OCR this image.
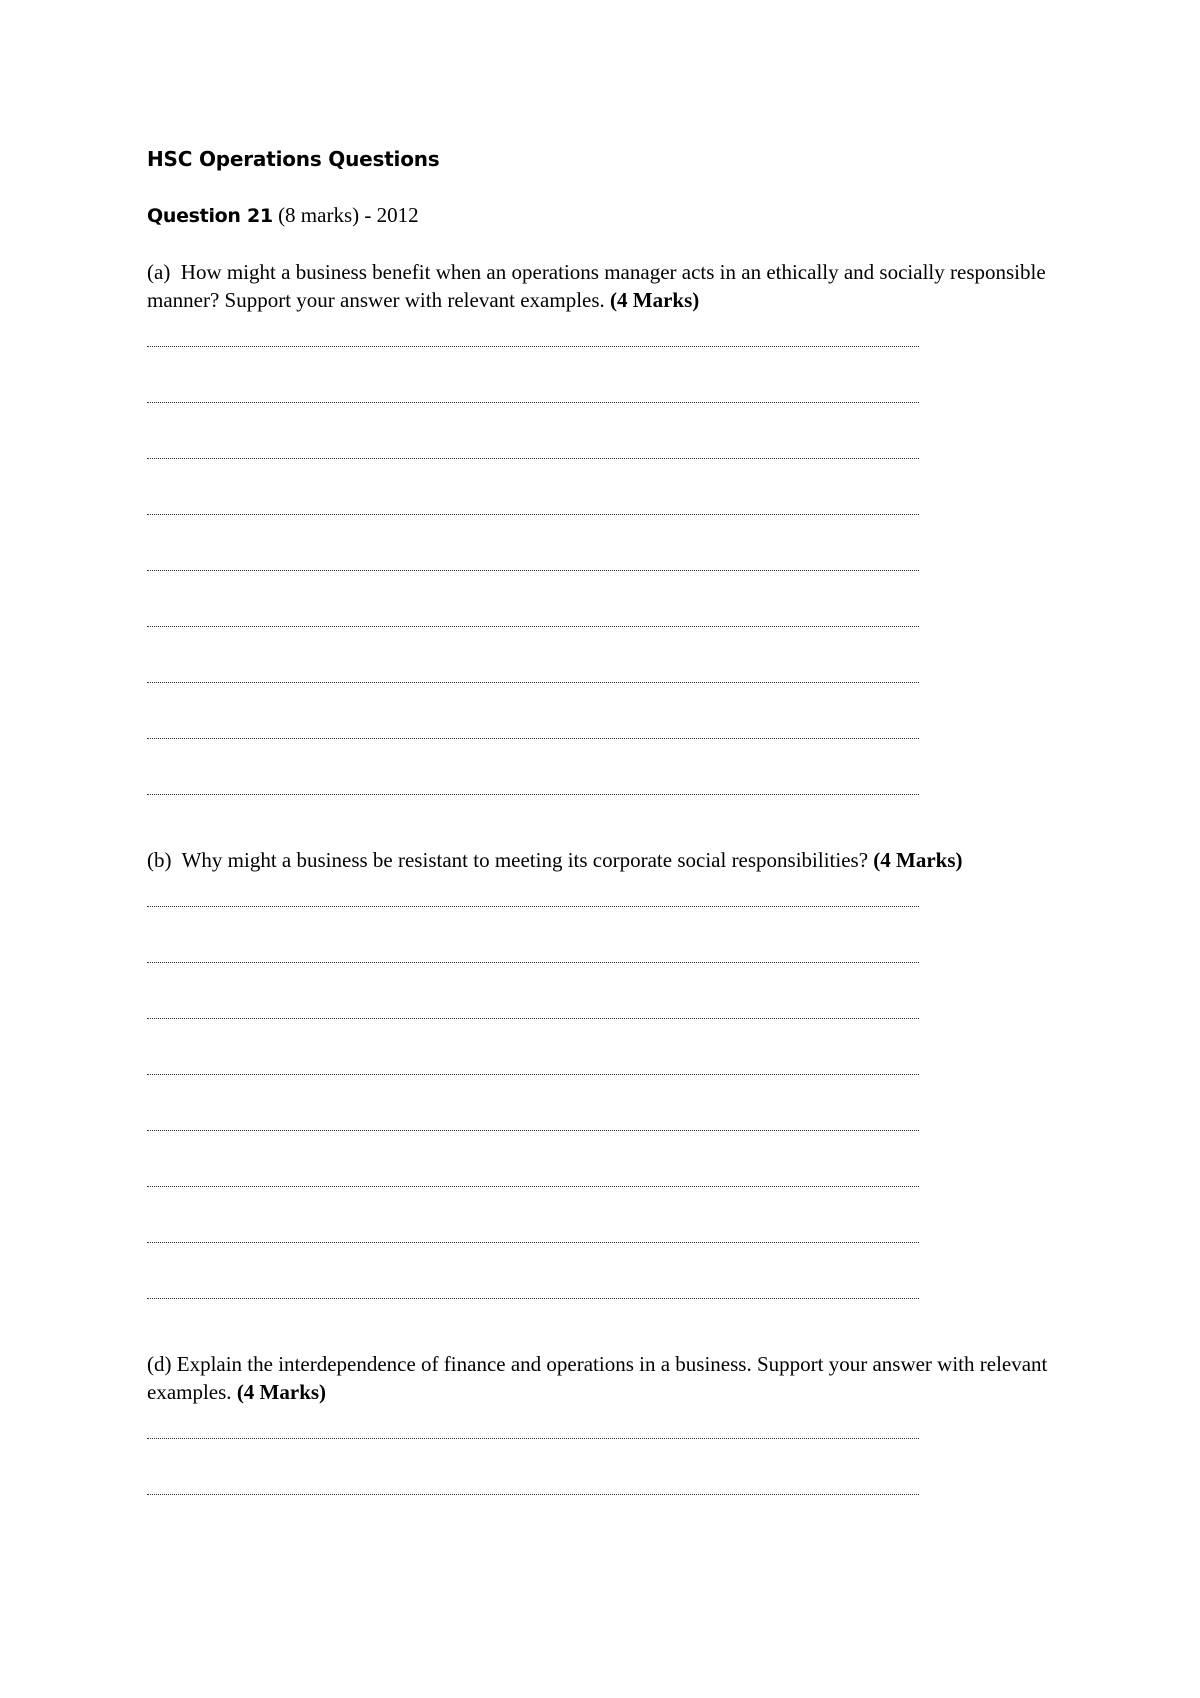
HSC Operations Questions
Question 21 (8 marks) - 2012

(a)  How might a business benefit when an operations manager acts in an ethically and socially responsible manner? Support your answer with relevant examples. (4 Marks)

(b)  Why might a business be resistant to meeting its corporate social responsibilities? (4 Marks)

(d) Explain the interdependence of finance and operations in a business. Support your answer with relevant examples. (4 Marks)
